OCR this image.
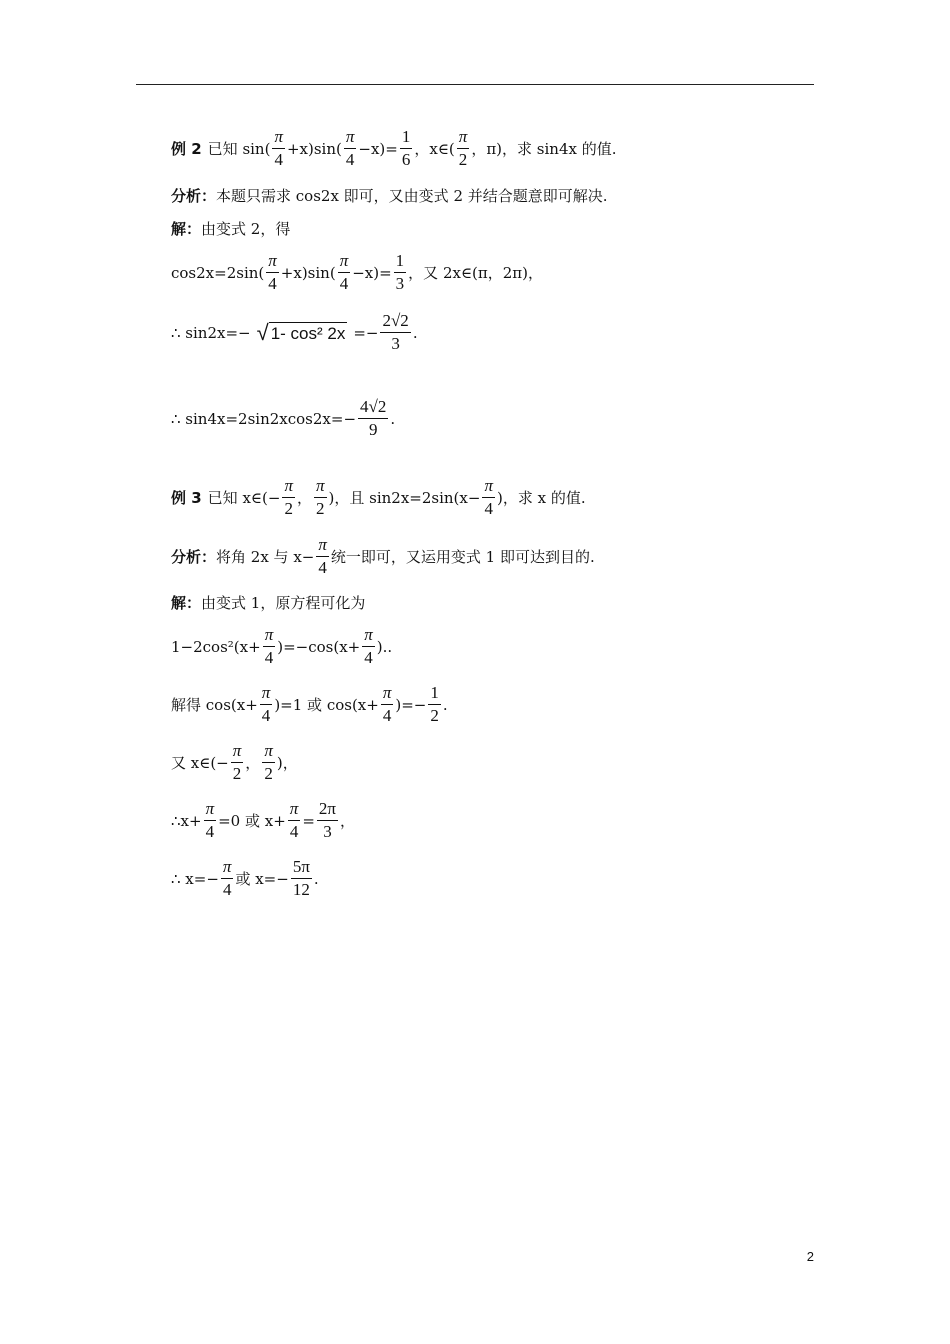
例 2 已知 sin(
π
4
+x)sin(
π
4
$-x)= \frac{1}{6}$ ，x∈(
π
2
，π)，求 sin4x 的值.
分析： 本题只需求 cos2x 即可，又由变式 2 并结合题意即可解决.
解： 由变式 2，得
cos2x=2sin(
π
4
+x)sin(
π
4
$-x)= \frac{1}{3}$ ，又 2x∈(π，2π)，
∴ sin2x=− √ 1- cos² $2x =- \frac{2√2}{3}$ .
∴ $\sin 4x=2\sin 2xcos2x=- \frac{4√2}{9}$ .
例 3 已知 x∈(− $\frac{\pi}{2}$ ，
π
2
)，且 $\sin 2x=2\sin(x- \frac{\pi}{4}$ )，求 x 的值.
分析： 将角 2x 与 $x- \frac{\pi}{4}$ 统一即可，又运用变式 1 即可达到目的.
解： 由变式 1，原方程可化为
$1-2\cos^2(x+ \frac{\pi}{4} )=-\cos(x+ \frac{\pi}{4}$ )..
解得 $\cos(x+ \frac{\pi}{4} )=1$ 或 $\cos(x+ \frac{\pi}{4}$ )=− $\frac{1}{2}$ .
又 x∈(− $\frac{\pi}{2}$ ，
π
2
)，
∴x+ $\frac{\pi}{4} =0$ 或 $x+ \frac{\pi}{4} = \frac{2\pi}{3}$ ，
∴ $x=- \frac{\pi}{4}$ 或 $x=- \frac{5\pi}{12}$ .
2
